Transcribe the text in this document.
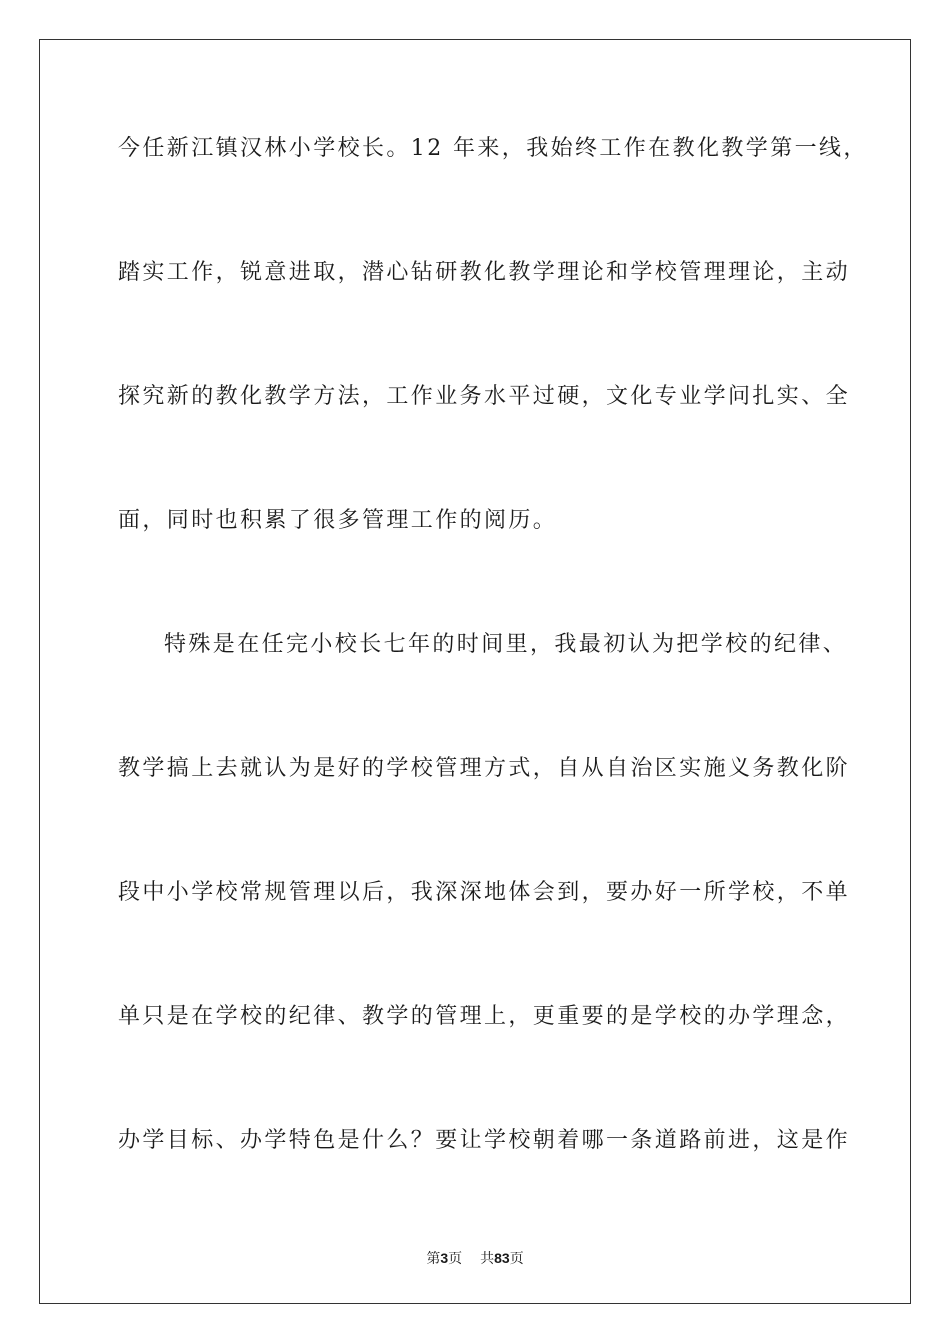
今任新江镇汉林小学校长。12 年来，我始终工作在教化教学第一线，
踏实工作，锐意进取，潜心钻研教化教学理论和学校管理理论，主动
探究新的教化教学方法，工作业务水平过硬，文化专业学问扎实、全
面，同时也积累了很多管理工作的阅历。
特殊是在任完小校长七年的时间里，我最初认为把学校的纪律、
教学搞上去就认为是好的学校管理方式，自从自治区实施义务教化阶
段中小学校常规管理以后，我深深地体会到，要办好一所学校，不单
单只是在学校的纪律、教学的管理上，更重要的是学校的办学理念，
办学目标、办学特色是什么？要让学校朝着哪一条道路前进，这是作
第3页 共83页
